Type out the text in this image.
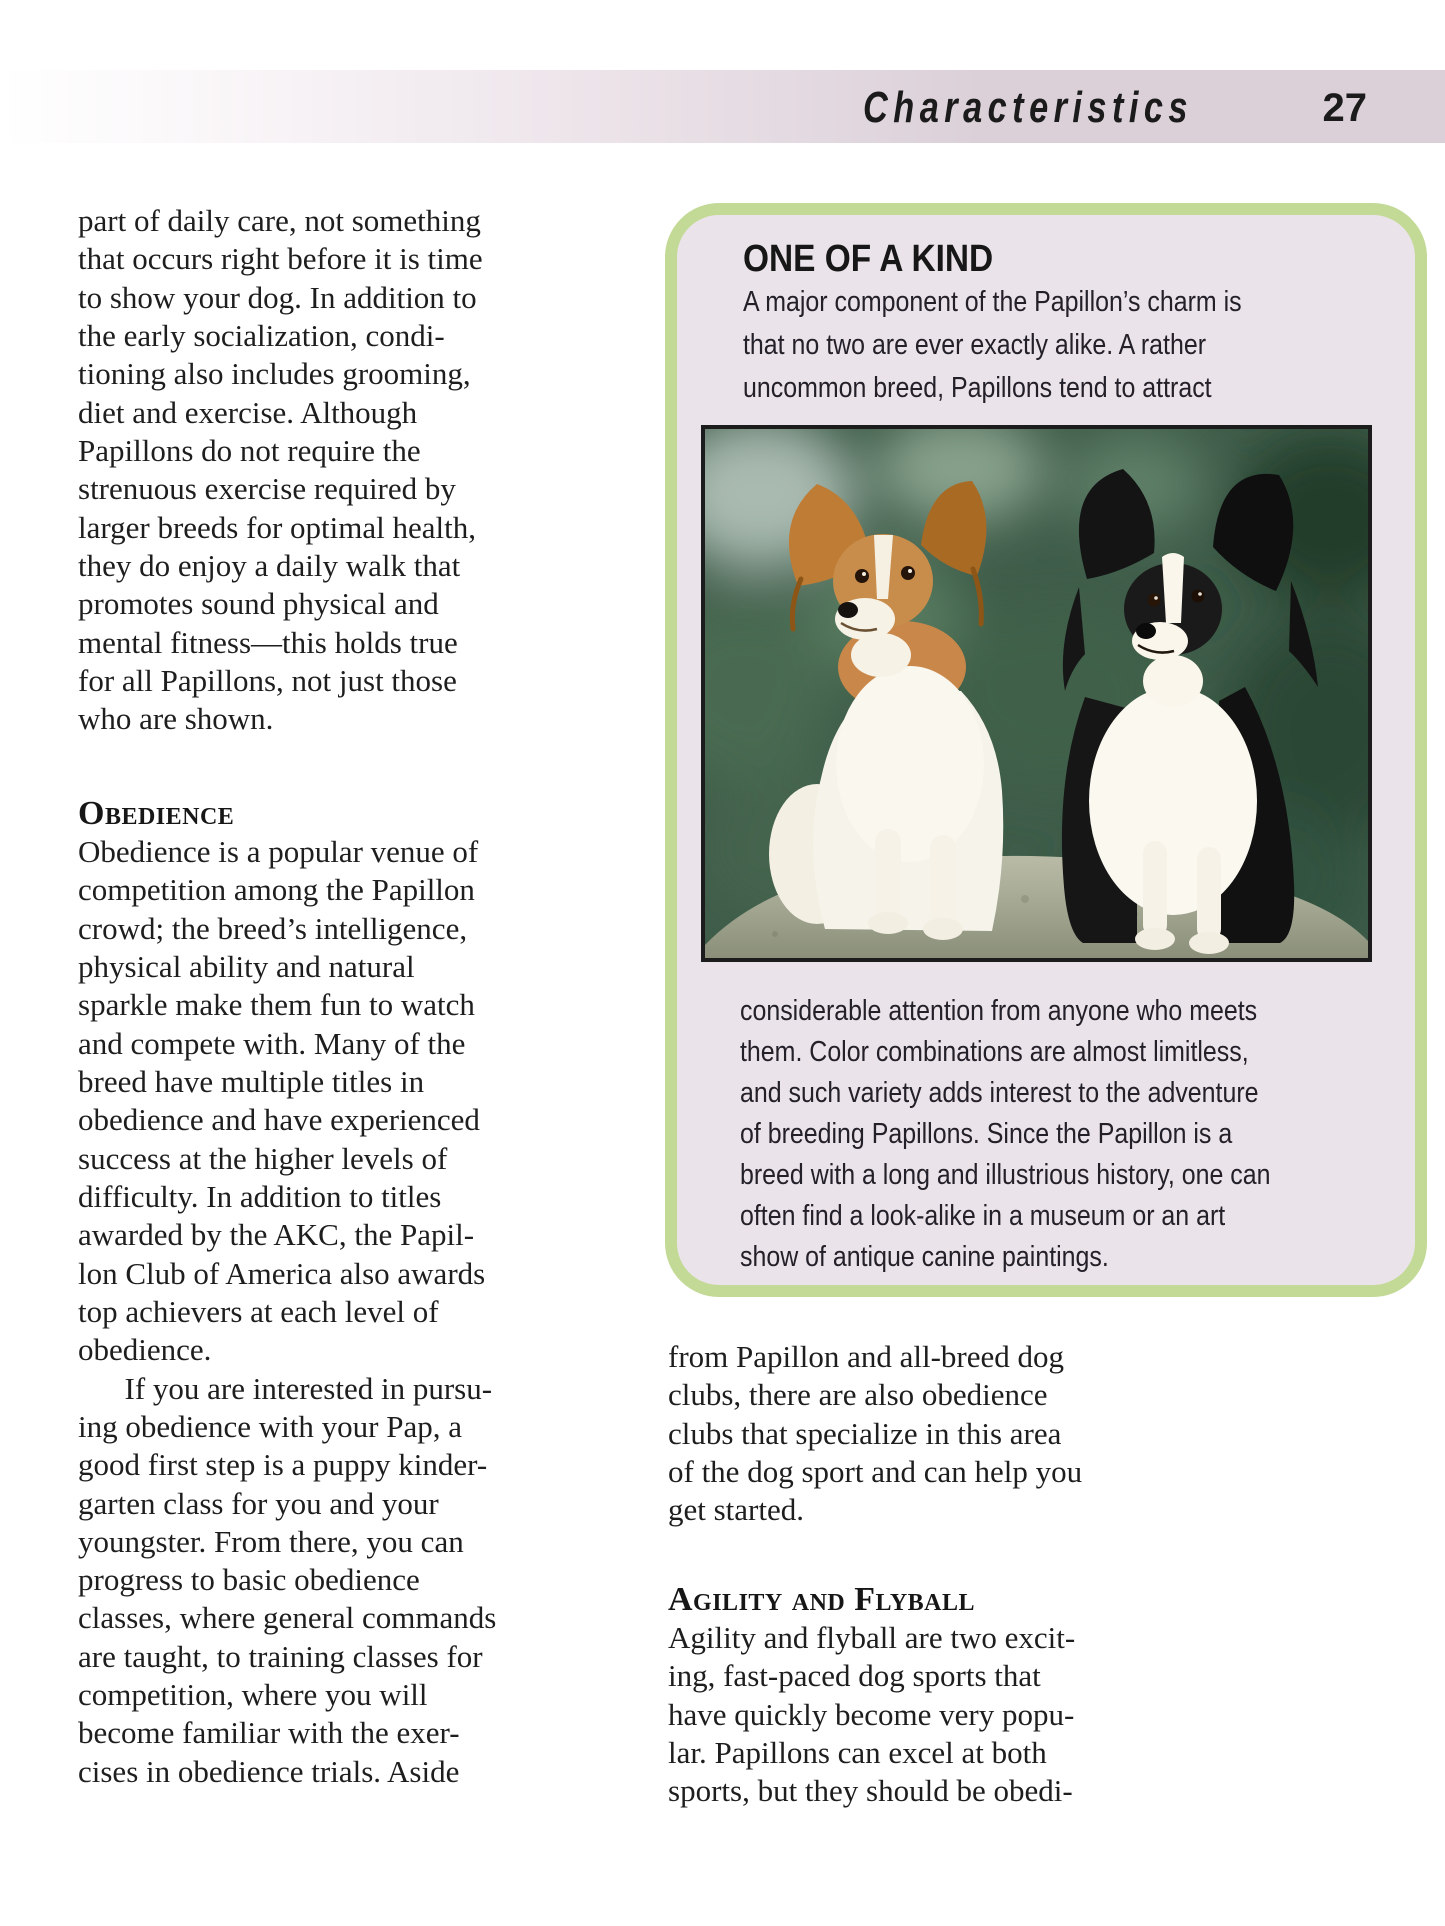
Characteristics	27
part of daily care, not something
that occurs right before it is time
to show your dog. In addition to
the early socialization, condi-
tioning also includes grooming,
diet and exercise. Although
Papillons do not require the
strenuous exercise required by
larger breeds for optimal health,
they do enjoy a daily walk that
promotes sound physical and
mental fitness—this holds true
for all Papillons, not just those
who are shown.
Obedience
Obedience is a popular venue of
competition among the Papillon
crowd; the breed’s intelligence,
physical ability and natural
sparkle make them fun to watch
and compete with. Many of the
breed have multiple titles in
obedience and have experienced
success at the higher levels of
difficulty. In addition to titles
awarded by the AKC, the Papil-
lon Club of America also awards
top achievers at each level of
obedience.
  If you are interested in pursu-
ing obedience with your Pap, a
good first step is a puppy kinder-
garten class for you and your
youngster. From there, you can
progress to basic obedience
classes, where general commands
are taught, to training classes for
competition, where you will
become familiar with the exer-
cises in obedience trials. Aside
ONE OF A KIND
A major component of the Papillon’s charm is
that no two are ever exactly alike. A rather
uncommon breed, Papillons tend to attract
considerable attention from anyone who meets
them. Color combinations are almost limitless,
and such variety adds interest to the adventure
of breeding Papillons. Since the Papillon is a
breed with a long and illustrious history, one can
often find a look-alike in a museum or an art
show of antique canine paintings.
from Papillon and all-breed dog
clubs, there are also obedience
clubs that specialize in this area
of the dog sport and can help you
get started.
Agility and Flyball
Agility and flyball are two excit-
ing, fast-paced dog sports that
have quickly become very popu-
lar. Papillons can excel at both
sports, but they should be obedi-
